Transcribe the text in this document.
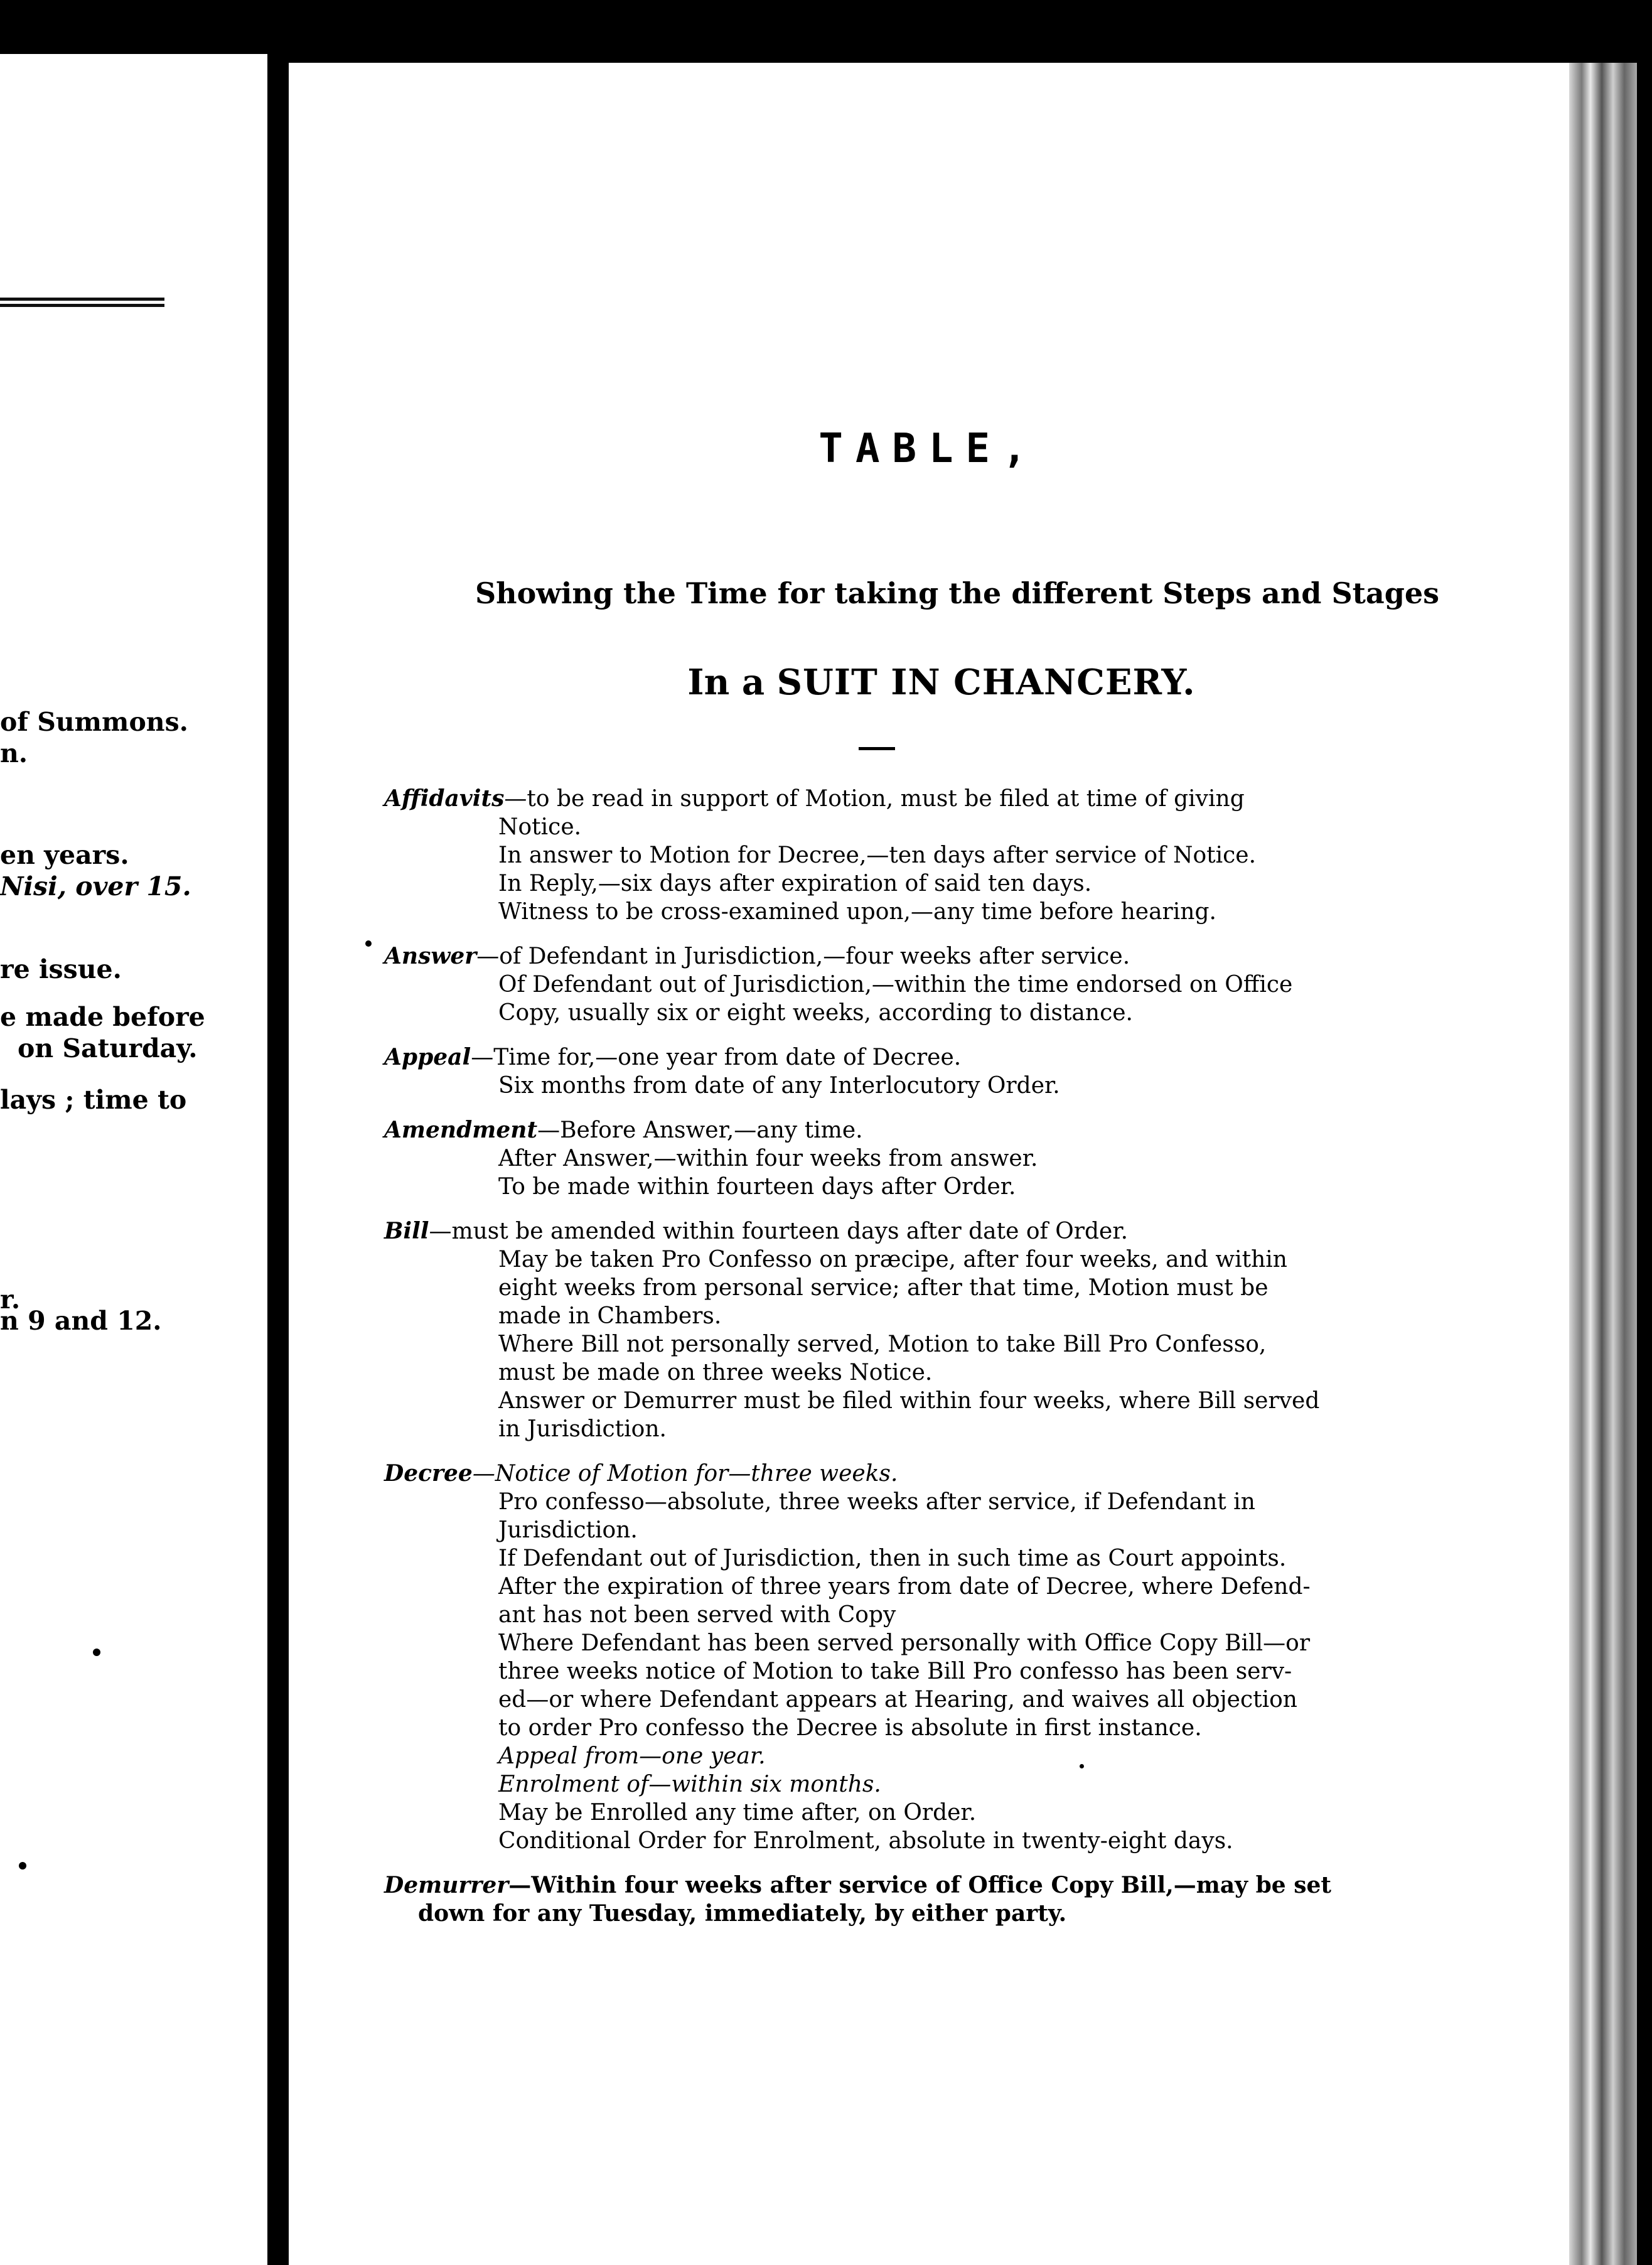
of Summons.
n.
en years.
Nisi, over 15.
re issue.
e made before
on Saturday.
lays ; time to
r.
n 9 and 12.
TABLE,
Showing the Time for taking the different Steps and Stages
In a SUIT IN CHANCERY.
Affidavits—to be read in support of Motion, must be filed at time of giving
Notice.
In answer to Motion for Decree,—ten days after service of Notice.
In Reply,—six days after expiration of said ten days.
Witness to be cross-examined upon,—any time before hearing.
Answer—of Defendant in Jurisdiction,—four weeks after service.
Of Defendant out of Jurisdiction,—within the time endorsed on Office
Copy, usually six or eight weeks, according to distance.
Appeal—Time for,—one year from date of Decree.
Six months from date of any Interlocutory Order.
Amendment—Before Answer,—any time.
After Answer,—within four weeks from answer.
To be made within fourteen days after Order.
Bill—must be amended within fourteen days after date of Order.
May be taken Pro Confesso on præcipe, after four weeks, and within
eight weeks from personal service; after that time, Motion must be
made in Chambers.
Where Bill not personally served, Motion to take Bill Pro Confesso,
must be made on three weeks Notice.
Answer or Demurrer must be filed within four weeks, where Bill served
in Jurisdiction.
Decree—Notice of Motion for—three weeks.
Pro confesso—absolute, three weeks after service, if Defendant in
Jurisdiction.
If Defendant out of Jurisdiction, then in such time as Court appoints.
After the expiration of three years from date of Decree, where Defend-
ant has not been served with Copy
Where Defendant has been served personally with Office Copy Bill—or
three weeks notice of Motion to take Bill Pro confesso has been serv-
ed—or where Defendant appears at Hearing, and waives all objection
to order Pro confesso the Decree is absolute in first instance.
Appeal from—one year.
Enrolment of—within six months.
May be Enrolled any time after, on Order.
Conditional Order for Enrolment, absolute in twenty-eight days.
Demurrer—Within four weeks after service of Office Copy Bill,—may be set
down for any Tuesday, immediately, by either party.
